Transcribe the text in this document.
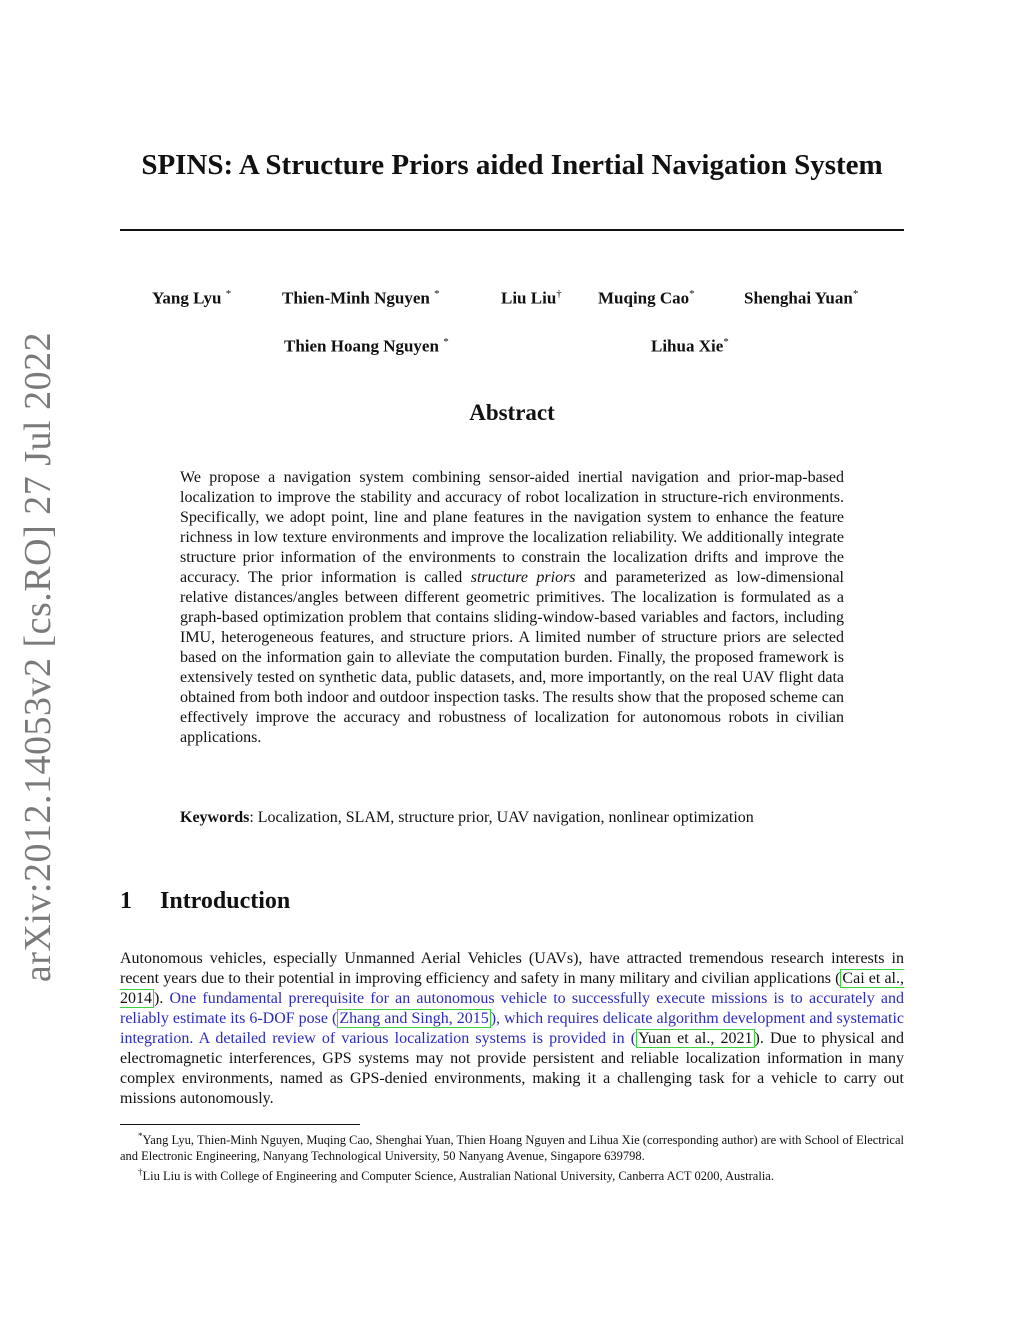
arXiv:2012.14053v2 [cs.RO] 27 Jul 2022
SPINS: A Structure Priors aided Inertial Navigation System
Yang Lyu *	Thien-Minh Nguyen *	Liu Liu† Muqing Cao*	Shenghai Yuan*
Thien Hoang Nguyen *	Lihua Xie*
Abstract
We propose a navigation system combining sensor-aided inertial navigation and prior-map-based localization to improve the stability and accuracy of robot localization in structure-rich environments. Specifically, we adopt point, line and plane features in the navigation system to enhance the feature richness in low texture environments and improve the localization reliability. We additionally integrate structure prior information of the environments to constrain the localization drifts and improve the accuracy. The prior information is called structure priors and parameterized as low-dimensional relative distances/angles between different geometric primitives. The localization is formulated as a graph-based optimization problem that contains sliding-window-based variables and factors, including IMU, heterogeneous features, and structure priors. A limited number of structure priors are selected based on the information gain to alleviate the computation burden. Finally, the proposed framework is extensively tested on synthetic data, public datasets, and, more importantly, on the real UAV flight data obtained from both indoor and outdoor inspection tasks. The results show that the proposed scheme can effectively improve the accuracy and robustness of localization for autonomous robots in civilian applications.
Keywords: Localization, SLAM, structure prior, UAV navigation, nonlinear optimization
1 Introduction
Autonomous vehicles, especially Unmanned Aerial Vehicles (UAVs), have attracted tremendous research interests in recent years due to their potential in improving efficiency and safety in many military and civilian applications ( Cai et al., 2014 ). One fundamental prerequisite for an autonomous vehicle to successfully execute missions is to accurately and reliably estimate its 6-DOF pose ( Zhang and Singh, 2015 ), which requires delicate algorithm development and systematic integration. A detailed review of various localization systems is provided in ( Yuan et al., 2021 ). Due to physical and electromagnetic interferences, GPS systems may not provide persistent and reliable localization information in many complex environments, named as GPS-denied environments, making it a challenging task for a vehicle to carry out missions autonomously.

*Yang Lyu, Thien-Minh Nguyen, Muqing Cao, Shenghai Yuan, Thien Hoang Nguyen and Lihua Xie (corresponding author) are with School of Electrical and Electronic Engineering, Nanyang Technological University, 50 Nanyang Avenue, Singapore 639798.

†Liu Liu is with College of Engineering and Computer Science, Australian National University, Canberra ACT 0200, Australia.
